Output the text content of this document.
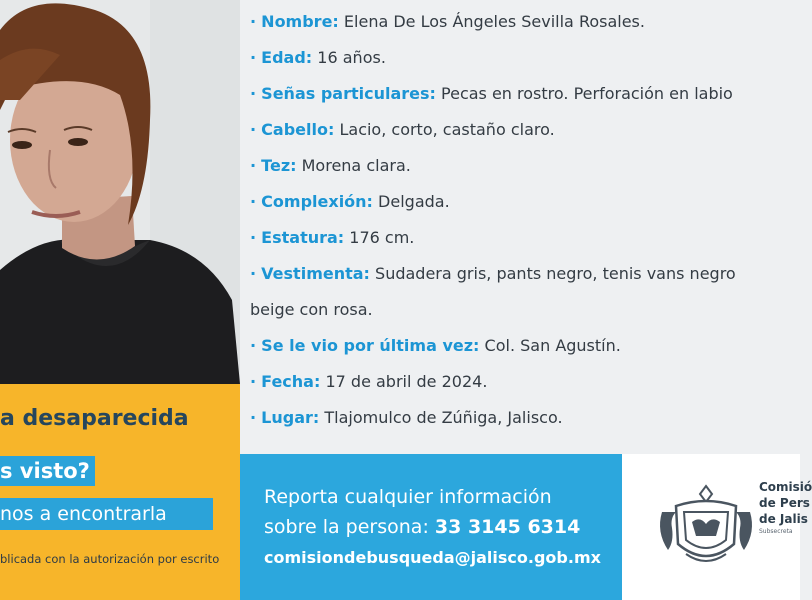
a desaparecida
s visto?
nos a encontrarla
blicada con la autorización por escrito
· Nombre: Elena De Los Ángeles Sevilla Rosales.
· Edad: 16 años.
· Señas particulares: Pecas en rostro. Perforación en labio
· Cabello: Lacio, corto, castaño claro.
· Tez: Morena clara.
· Complexión: Delgada.
· Estatura: 176 cm.
· Vestimenta: Sudadera gris, pants negro, tenis vans negro
beige con rosa.
· Se le vio por última vez: Col. San Agustín.
· Fecha: 17 de abril de 2024.
· Lugar: Tlajomulco de Zúñiga, Jalisco.
Reporta cualquier información
sobre la persona: 33 3145 6314
comisiondebusqueda@jalisco.gob.mx
Comisió
de Pers
de Jalis
Subsecreta
